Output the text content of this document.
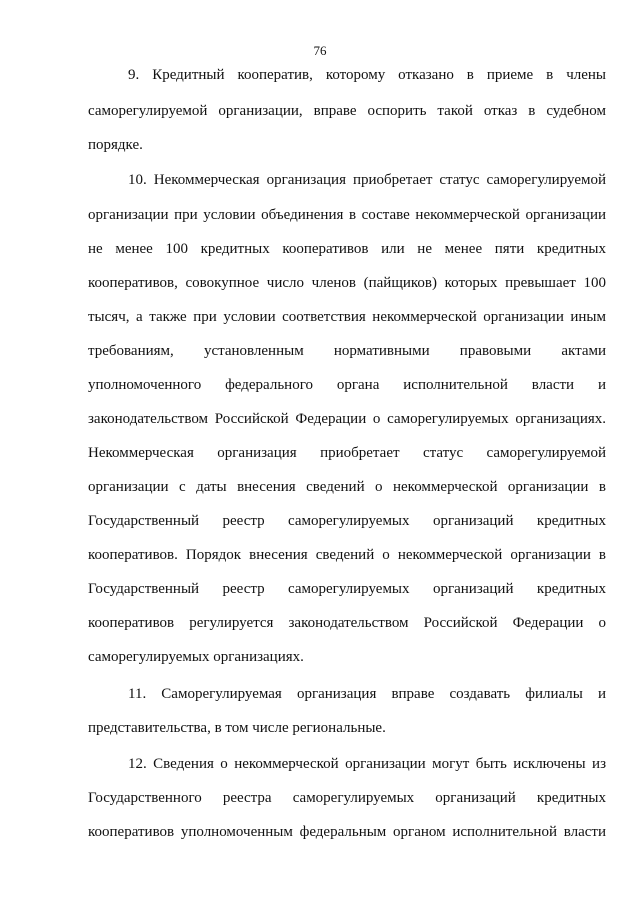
76
9. Кредитный кооператив, которому отказано в приеме в члены
саморегулируемой организации, вправе оспорить такой отказ в судебном
порядке.
10. Некоммерческая организация приобретает статус саморегулируемой
организации при условии объединения в составе некоммерческой организации
не менее 100 кредитных кооперативов или не менее пяти кредитных
кооперативов, совокупное число членов (пайщиков) которых превышает 100
тысяч, а также при условии соответствия некоммерческой организации иным
требованиям, установленным нормативными правовыми актами
уполномоченного федерального органа исполнительной власти и
законодательством Российской Федерации о саморегулируемых организациях.
Некоммерческая организация приобретает статус саморегулируемой
организации с даты внесения сведений о некоммерческой организации в
Государственный реестр саморегулируемых организаций кредитных
кооперативов. Порядок внесения сведений о некоммерческой организации в
Государственный реестр саморегулируемых организаций кредитных
кооперативов регулируется законодательством Российской Федерации о
саморегулируемых организациях.
11. Саморегулируемая организация вправе создавать филиалы и
представительства, в том числе региональные.
12. Сведения о некоммерческой организации могут быть исключены из
Государственного реестра саморегулируемых организаций кредитных
кооперативов уполномоченным федеральным органом исполнительной власти
